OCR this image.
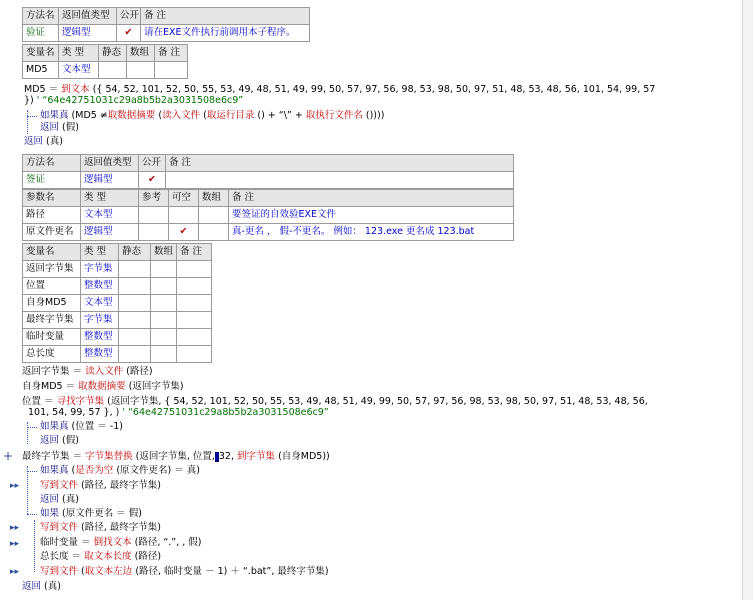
方法名	返回值类型	公开	备 注
验证	逻辑型	✔	请在EXE文件执行前调用本子程序。
变量名	类 型	静态	数组	备 注
MD5	文本型			
MD5 ＝ 到文本 ({ 54, 52, 101, 52, 50, 55, 53, 49, 48, 51, 49, 99, 50, 57, 97, 56, 98, 53, 98, 50, 97, 51, 48, 53, 48, 56, 101, 54, 99, 57
}) ' “64e42751031c29a8b5b2a3031508e6c9”
如果真 (MD5 ≠取数据摘要 (读入文件 (取运行目录 () + “\” + 取执行文件名 ())))
返回 (假)
返回 (真)
方法名	返回值类型	公开	备 注
签证	逻辑型	✔	
参数名	类 型	参考	可空	数组	备 注
路径	文本型				要签证的自效验EXE文件
原文件更名	逻辑型		✔		真-更名 ， 假-不更名。 例如： 123.exe 更名成 123.bat
变量名	类 型	静态	数组	备 注
返回字节集	字节集			
位置	整数型			
自身MD5	文本型			
最终字节集	字节集			
临时变量	整数型			
总长度	整数型			
返回字节集 ＝ 读入文件 (路径)
自身MD5 ＝ 取数据摘要 (返回字节集)
位置 ＝ 寻找字节集 (返回字节集, { 54, 52, 101, 52, 50, 55, 53, 49, 48, 51, 49, 99, 50, 57, 97, 56, 98, 53, 98, 50, 97, 51, 48, 53, 48, 56,
101, 54, 99, 57 }, ) ' “64e42751031c29a8b5b2a3031508e6c9”
如果真 (位置 ＝ -1)
返回 (假)
+ 最终字节集 ＝ 字节集替换 (返回字节集, 位置, 32, 到字节集 (自身MD5))
如果真 (是否为空 (原文件更名) ＝ 真)
▸▸ 写到文件 (路径, 最终字节集)
返回 (真)
如果 (原文件更名 ＝ 假)
▸▸ 写到文件 (路径, 最终字节集)
▸▸ 临时变量 ＝ 倒找文本 (路径, “.”, , 假)
总长度 ＝ 取文本长度 (路径)
▸▸ 写到文件 (取文本左边 (路径, 临时变量 － 1) ＋ “.bat”, 最终字节集)
返回 (真)
